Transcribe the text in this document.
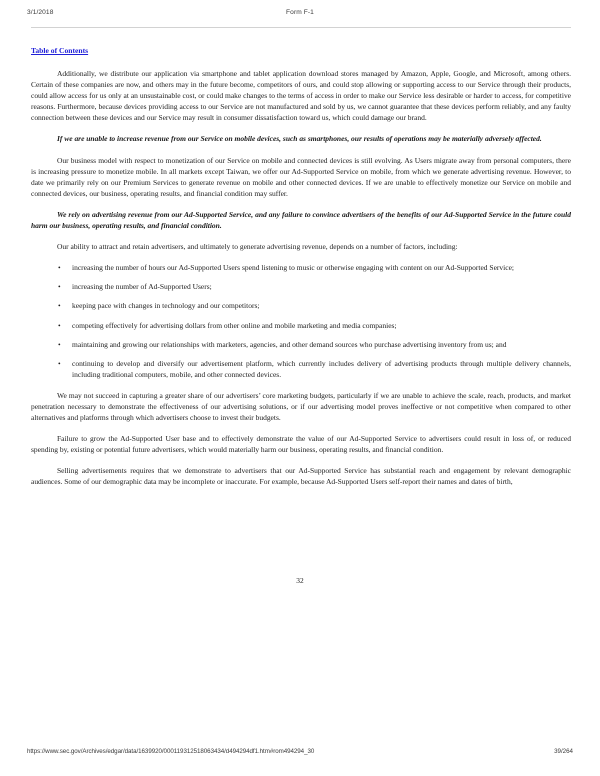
3/1/2018	Form F-1
Table of Contents

Additionally, we distribute our application via smartphone and tablet application download stores managed by Amazon, Apple, Google, and Microsoft, among others. Certain of these companies are now, and others may in the future become, competitors of ours, and could stop allowing or supporting access to our Service through their products, could allow access for us only at an unsustainable cost, or could make changes to the terms of access in order to make our Service less desirable or harder to access, for competitive reasons. Furthermore, because devices providing access to our Service are not manufactured and sold by us, we cannot guarantee that these devices perform reliably, and any faulty connection between these devices and our Service may result in consumer dissatisfaction toward us, which could damage our brand.

If we are unable to increase revenue from our Service on mobile devices, such as smartphones, our results of operations may be materially adversely affected.

Our business model with respect to monetization of our Service on mobile and connected devices is still evolving. As Users migrate away from personal computers, there is increasing pressure to monetize mobile. In all markets except Taiwan, we offer our Ad-Supported Service on mobile, from which we generate advertising revenue. However, to date we primarily rely on our Premium Services to generate revenue on mobile and other connected devices. If we are unable to effectively monetize our Service on mobile and connected devices, our business, operating results, and financial condition may suffer.

We rely on advertising revenue from our Ad-Supported Service, and any failure to convince advertisers of the benefits of our Ad-Supported Service in the future could harm our business, operating results, and financial condition.

Our ability to attract and retain advertisers, and ultimately to generate advertising revenue, depends on a number of factors, including:

• increasing the number of hours our Ad-Supported Users spend listening to music or otherwise engaging with content on our Ad-Supported Service;
• increasing the number of Ad-Supported Users;
• keeping pace with changes in technology and our competitors;
• competing effectively for advertising dollars from other online and mobile marketing and media companies;
• maintaining and growing our relationships with marketers, agencies, and other demand sources who purchase advertising inventory from us; and
• continuing to develop and diversify our advertisement platform, which currently includes delivery of advertising products through multiple delivery channels, including traditional computers, mobile, and other connected devices.

We may not succeed in capturing a greater share of our advertisers’ core marketing budgets, particularly if we are unable to achieve the scale, reach, products, and market penetration necessary to demonstrate the effectiveness of our advertising solutions, or if our advertising model proves ineffective or not competitive when compared to other alternatives and platforms through which advertisers choose to invest their budgets.

Failure to grow the Ad-Supported User base and to effectively demonstrate the value of our Ad-Supported Service to advertisers could result in loss of, or reduced spending by, existing or potential future advertisers, which would materially harm our business, operating results, and financial condition.

Selling advertisements requires that we demonstrate to advertisers that our Ad-Supported Service has substantial reach and engagement by relevant demographic audiences. Some of our demographic data may be incomplete or inaccurate. For example, because Ad-Supported Users self-report their names and dates of birth,

32
https://www.sec.gov/Archives/edgar/data/1639920/000119312518063434/d494294df1.htm#rom494294_30	39/264
